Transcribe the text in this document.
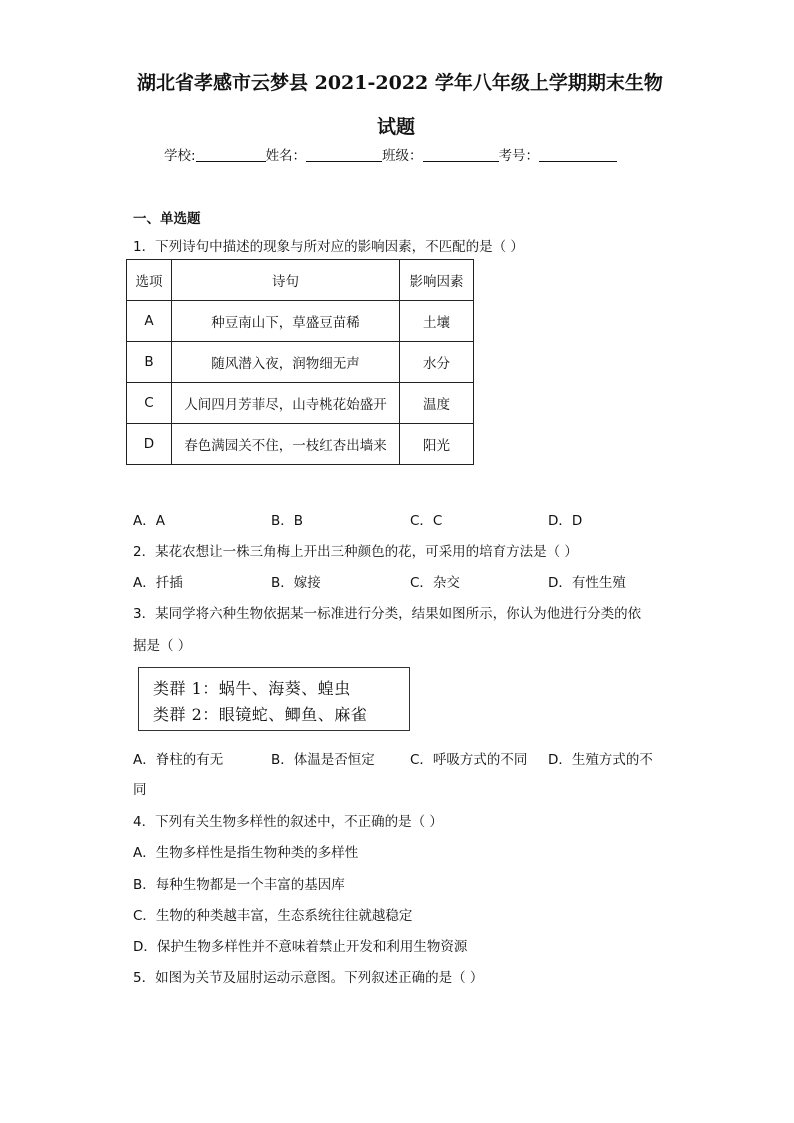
湖北省孝感市云梦县 2021-2022 学年八年级上学期期末生物
试题
学校:	姓名：	班级：	考号：
一、单选题
1．下列诗句中描述的现象与所对应的影响因素，不匹配的是（ ）
选项	诗句	影响因素
A	种豆南山下，草盛豆苗稀	土壤
B	随风潜入夜，润物细无声	水分
C	人间四月芳菲尽，山寺桃花始盛开	温度
D	春色满园关不住，一枝红杏出墙来	阳光
A．A	B．B	C．C	D．D
2．某花农想让一株三角梅上开出三种颜色的花，可采用的培育方法是（ ）
A．扦插	B．嫁接	C．杂交	D．有性生殖
3．某同学将六种生物依据某一标准进行分类，结果如图所示，你认为他进行分类的依
据是（ ）
类群 1：蜗牛、海葵、蝗虫
类群 2：眼镜蛇、鲫鱼、麻雀
A．脊柱的有无	B．体温是否恒定	C．呼吸方式的不同 D．生殖方式的不
同
4．下列有关生物多样性的叙述中，不正确的是（ ）
A．生物多样性是指生物种类的多样性
B．每种生物都是一个丰富的基因库
C．生物的种类越丰富，生态系统往往就越稳定
D．保护生物多样性并不意味着禁止开发和利用生物资源
5．如图为关节及屈肘运动示意图。下列叙述正确的是（ ）
